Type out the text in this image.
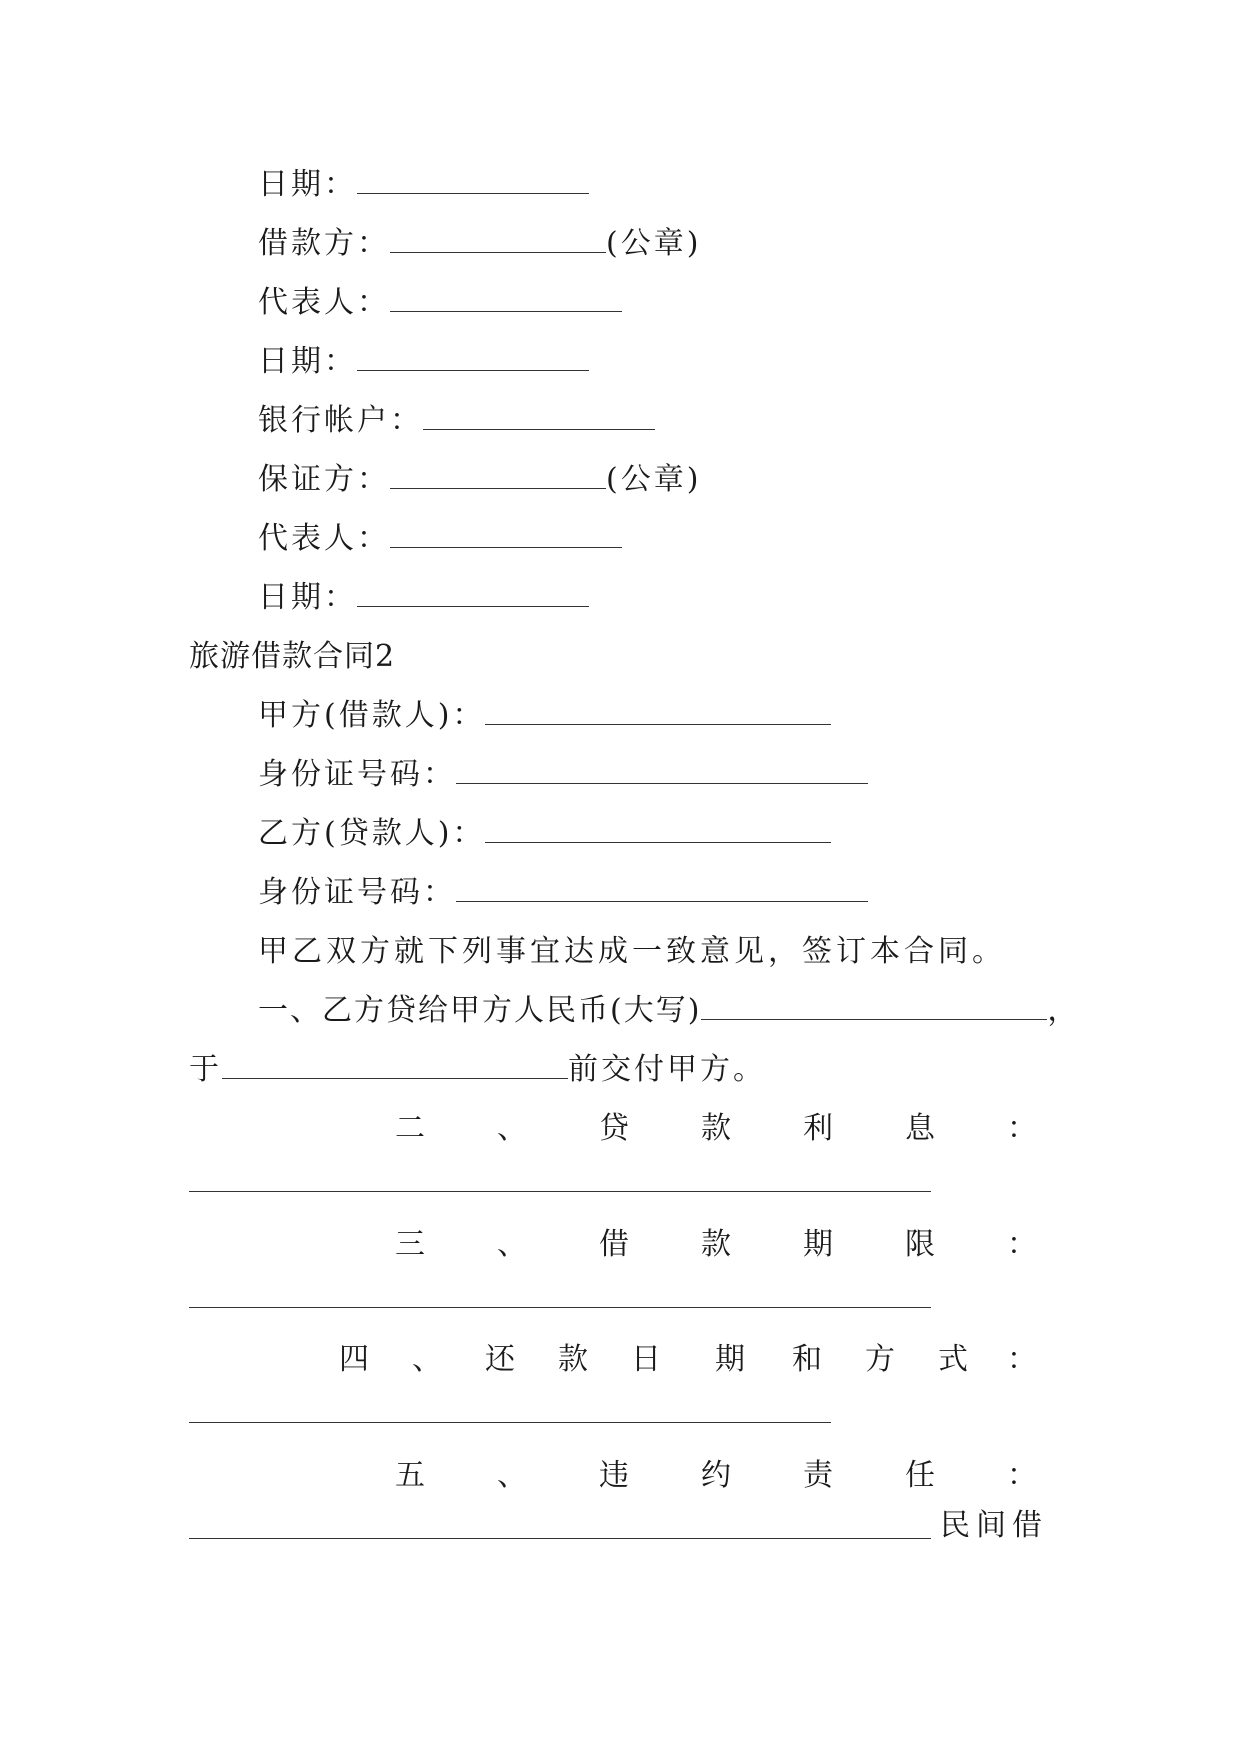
日期：
借款方：	(公章)
代表人：
日期：
银行帐户：
保证方：	(公章)
代表人：
日期：
旅游借款合同2
甲方(借款人)：
身份证号码：
乙方(贷款人)：
身份证号码：
甲乙双方就下列事宜达成一致意见，签订本合同。
一、乙方贷给甲方人民币(大写)	，
于	前交付甲方。
二 、 贷 款 利 息 ：
三 、 借 款 期 限 ：
四 、 还 款 日 期 和 方 式 ：
五 、 违 约 责 任 ：
民间借
